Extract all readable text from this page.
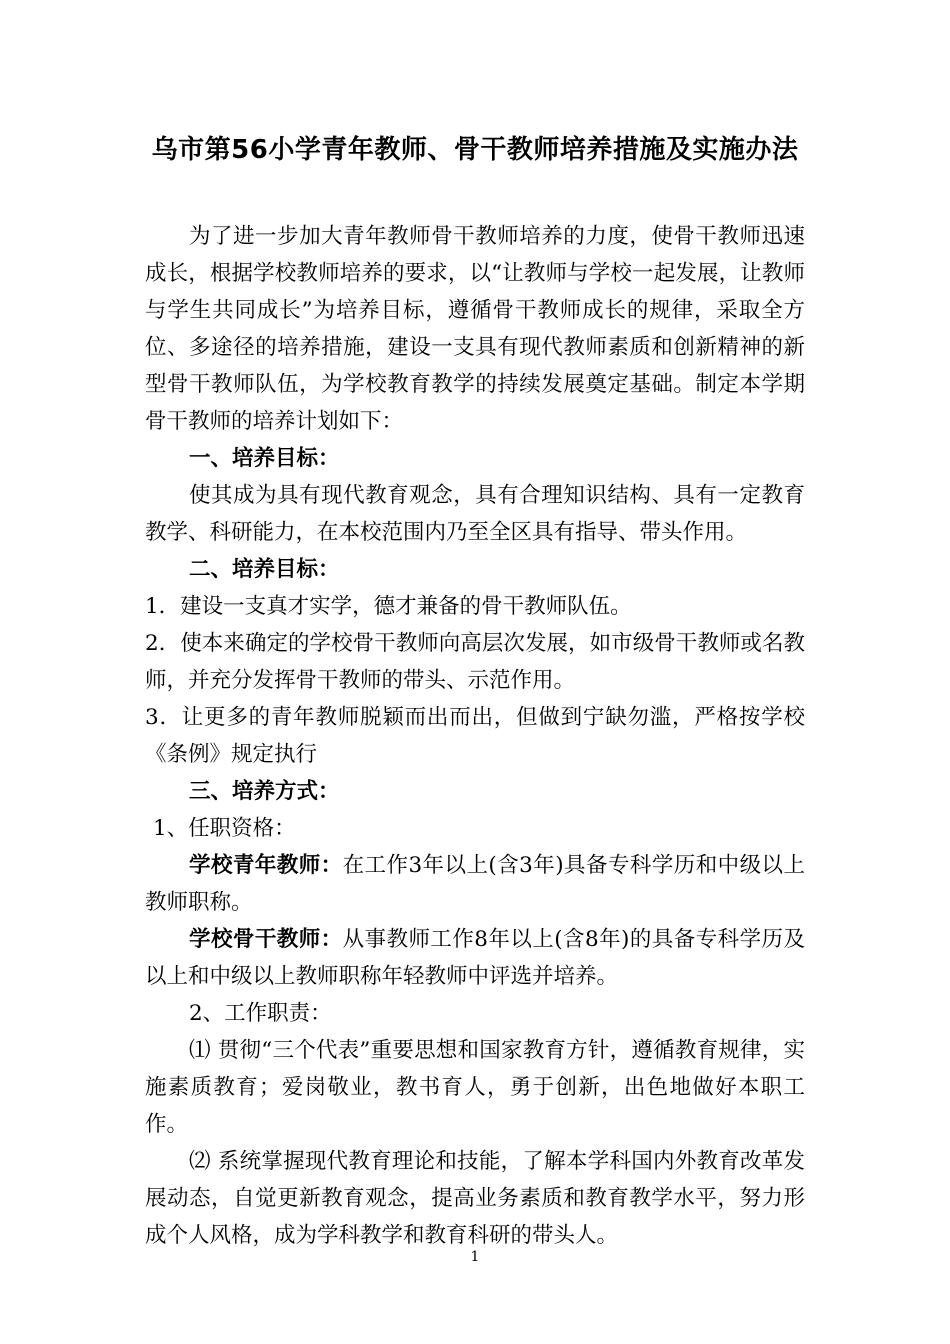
乌市第56小学青年教师、骨干教师培养措施及实施办法

为了进一步加大青年教师骨干教师培养的力度，使骨干教师迅速成长，根据学校教师培养的要求，以“让教师与学校一起发展，让教师与学生共同成长”为培养目标，遵循骨干教师成长的规律，采取全方位、多途径的培养措施，建设一支具有现代教师素质和创新精神的新型骨干教师队伍，为学校教育教学的持续发展奠定基础。制定本学期骨干教师的培养计划如下：

一、培养目标：

使其成为具有现代教育观念，具有合理知识结构、具有一定教育教学、科研能力，在本校范围内乃至全区具有指导、带头作用。

二、培养目标：

1．建设一支真才实学，德才兼备的骨干教师队伍。

2．使本来确定的学校骨干教师向高层次发展，如市级骨干教师或名教师，并充分发挥骨干教师的带头、示范作用。

3．让更多的青年教师脱颖而出而出，但做到宁缺勿滥，严格按学校《条例》规定执行

三、培养方式：

1、任职资格：

学校青年教师：在工作3年以上(含3年)具备专科学历和中级以上教师职称。

学校骨干教师：从事教师工作8年以上(含8年)的具备专科学历及以上和中级以上教师职称年轻教师中评选并培养。

2、工作职责：

⑴ 贯彻“三个代表”重要思想和国家教育方针，遵循教育规律，实施素质教育；爱岗敬业，教书育人，勇于创新，出色地做好本职工作。

⑵ 系统掌握现代教育理论和技能，了解本学科国内外教育改革发展动态，自觉更新教育观念，提高业务素质和教育教学水平，努力形成个人风格，成为学科教学和教育科研的带头人。

1
